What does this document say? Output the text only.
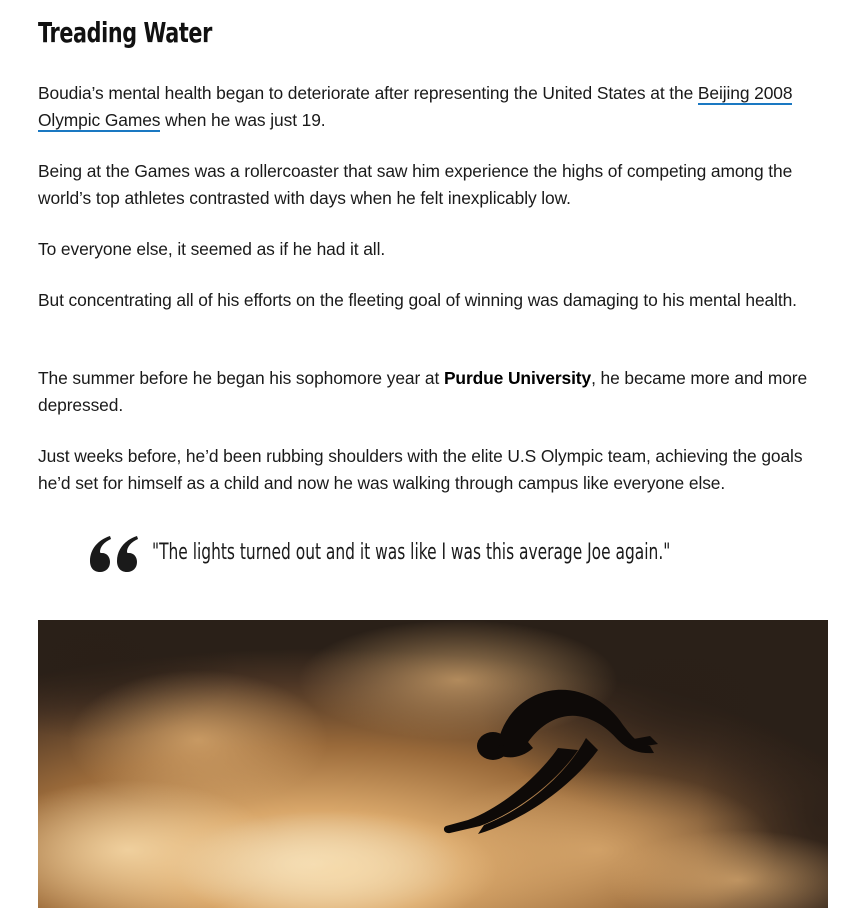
Treading Water

Boudia’s mental health began to deteriorate after representing the United States at the Beijing 2008
Olympic Games when he was just 19.

Being at the Games was a rollercoaster that saw him experience the highs of competing among the world’s top athletes contrasted with days when he felt inexplicably low.

To everyone else, it seemed as if he had it all.

But concentrating all of his efforts on the fleeting goal of winning was damaging to his mental health.

The summer before he began his sophomore year at Purdue University, he became more and more depressed.

Just weeks before, he’d been rubbing shoulders with the elite U.S Olympic team, achieving the goals he’d set for himself as a child and now he was walking through campus like everyone else.

"The lights turned out and it was like I was this average Joe again."
